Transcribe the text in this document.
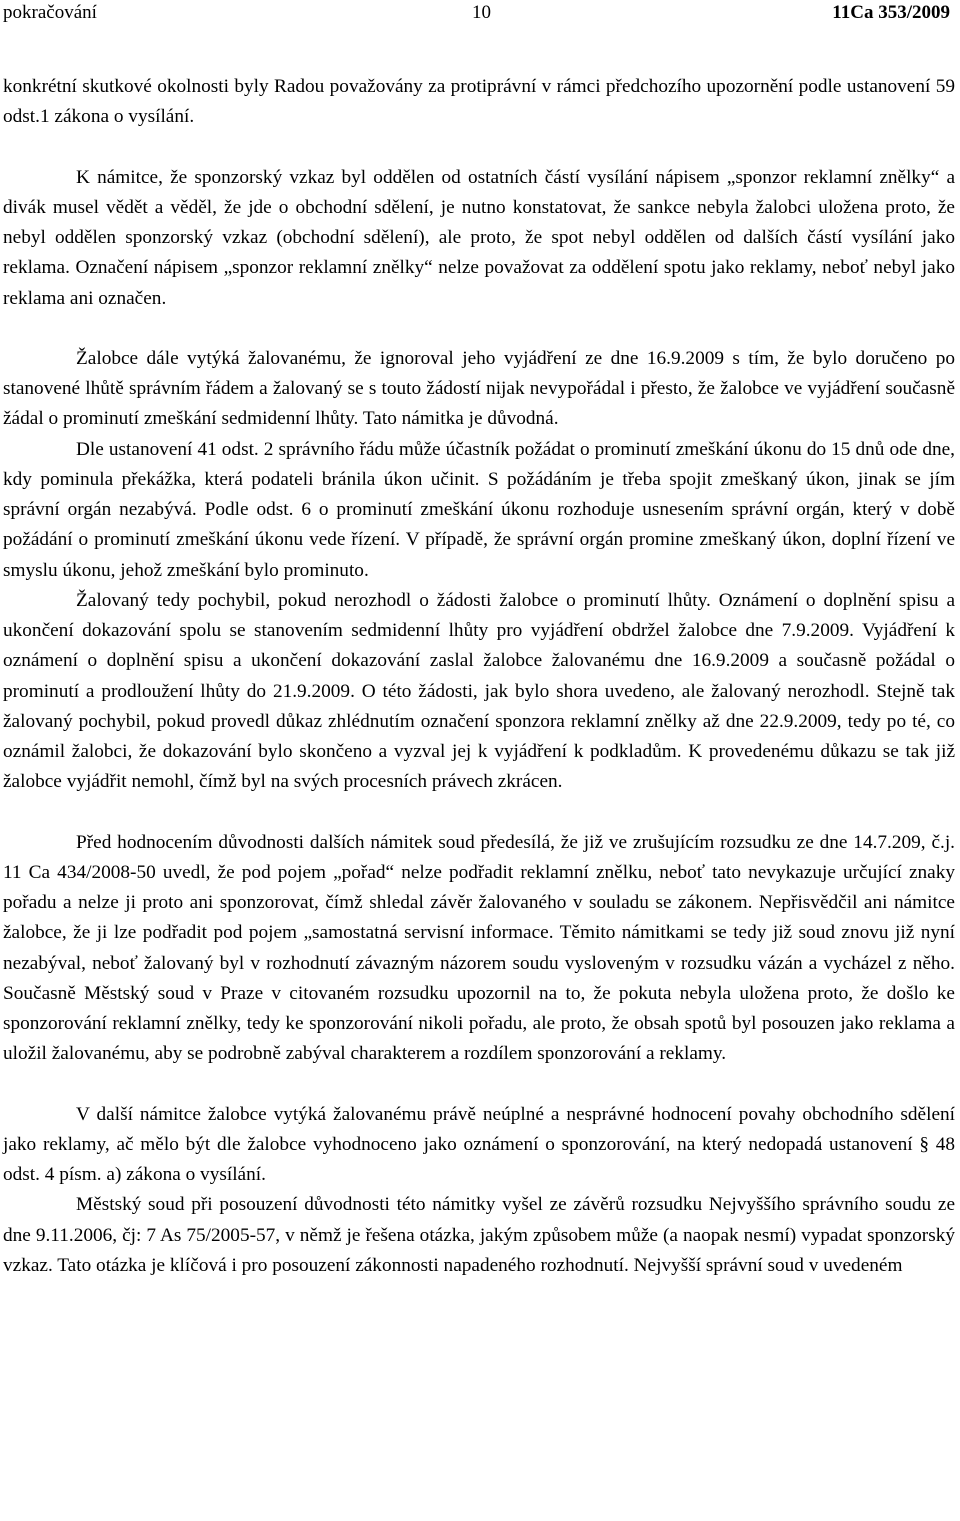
pokračování	10	11Ca 353/2009

konkrétní skutkové okolnosti byly Radou považovány za protiprávní v rámci předchozího upozornění podle ustanovení 59 odst.1 zákona o vysílání.

K námitce, že sponzorský vzkaz byl oddělen od ostatních částí vysílání nápisem „sponzor reklamní znělky“ a divák musel vědět a věděl, že jde o obchodní sdělení, je nutno konstatovat, že sankce nebyla žalobci uložena proto, že nebyl oddělen sponzorský vzkaz (obchodní sdělení), ale proto, že spot nebyl oddělen od dalších částí vysílání jako reklama. Označení nápisem „sponzor reklamní znělky“ nelze považovat za oddělení spotu jako reklamy, neboť nebyl jako reklama ani označen.

Žalobce dále vytýká žalovanému, že ignoroval jeho vyjádření ze dne 16.9.2009 s tím, že bylo doručeno po stanovené lhůtě správním řádem a žalovaný se s touto žádostí nijak nevypořádal i přesto, že žalobce ve vyjádření současně žádal o prominutí zmeškání sedmidenní lhůty. Tato námitka je důvodná.

Dle ustanovení 41 odst. 2 správního řádu může účastník požádat o prominutí zmeškání úkonu do 15 dnů ode dne, kdy pominula překážka, která podateli bránila úkon učinit. S požádáním je třeba spojit zmeškaný úkon, jinak se jím správní orgán nezabývá. Podle odst. 6 o prominutí zmeškání úkonu rozhoduje usnesením správní orgán, který v době požádání o prominutí zmeškání úkonu vede řízení. V případě, že správní orgán promine zmeškaný úkon, doplní řízení ve smyslu úkonu, jehož zmeškání bylo prominuto.

Žalovaný tedy pochybil, pokud nerozhodl o žádosti žalobce o prominutí lhůty. Oznámení o doplnění spisu a ukončení dokazování spolu se stanovením sedmidenní lhůty pro vyjádření obdržel žalobce dne 7.9.2009. Vyjádření k oznámení o doplnění spisu a ukončení dokazování zaslal žalobce žalovanému dne 16.9.2009 a současně požádal o prominutí a prodloužení lhůty do 21.9.2009. O této žádosti, jak bylo shora uvedeno, ale žalovaný nerozhodl. Stejně tak žalovaný pochybil, pokud provedl důkaz zhlédnutím označení sponzora reklamní znělky až dne 22.9.2009, tedy po té, co oznámil žalobci, že dokazování bylo skončeno a vyzval jej k vyjádření k podkladům. K provedenému důkazu se tak již žalobce vyjádřit nemohl, čímž byl na svých procesních právech zkrácen.

Před hodnocením důvodnosti dalších námitek soud předesílá, že již ve zrušujícím rozsudku ze dne 14.7.209, č.j. 11 Ca 434/2008-50 uvedl, že pod pojem „pořad“ nelze podřadit reklamní znělku, neboť tato nevykazuje určující znaky pořadu a nelze ji proto ani sponzorovat, čímž shledal závěr žalovaného v souladu se zákonem. Nepřisvědčil ani námitce žalobce, že ji lze podřadit pod pojem „samostatná servisní informace. Těmito námitkami se tedy již soud znovu již nyní nezabýval, neboť žalovaný byl v rozhodnutí závazným názorem soudu vysloveným v rozsudku vázán a vycházel z něho. Současně Městský soud v Praze v citovaném rozsudku upozornil na to, že pokuta nebyla uložena proto, že došlo ke sponzorování reklamní znělky, tedy ke sponzorování nikoli pořadu, ale proto, že obsah spotů byl posouzen jako reklama a uložil žalovanému, aby se podrobně zabýval charakterem a rozdílem sponzorování a reklamy.

V další námitce žalobce vytýká žalovanému právě neúplné a nesprávné hodnocení povahy obchodního sdělení jako reklamy, ač mělo být dle žalobce vyhodnoceno jako oznámení o sponzorování, na který nedopadá ustanovení § 48 odst. 4 písm. a) zákona o vysílání.

Městský soud při posouzení důvodnosti této námitky vyšel ze závěrů rozsudku Nejvyššího správního soudu ze dne 9.11.2006, čj: 7 As 75/2005-57, v němž je řešena otázka, jakým způsobem může (a naopak nesmí) vypadat sponzorský vzkaz. Tato otázka je klíčová i pro posouzení zákonnosti napadeného rozhodnutí. Nejvyšší správní soud v uvedeném
